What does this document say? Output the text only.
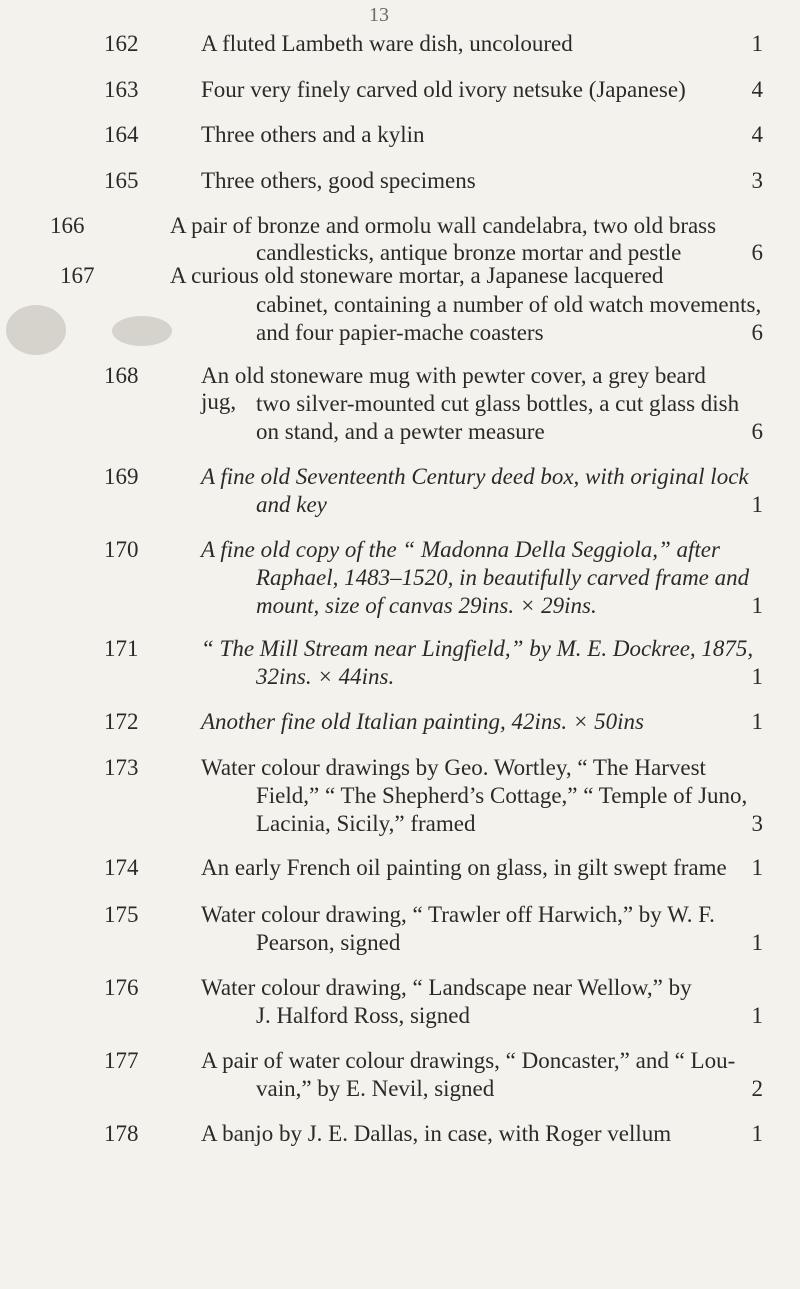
13
162	A fluted Lambeth ware dish, uncoloured	1
163	Four very finely carved old ivory netsuke (Japanese)	4
164	Three others and a kylin	4
165	Three others, good specimens	3
166	A pair of bronze and ormolu wall candelabra, two old brass
candlesticks, antique bronze mortar and pestle	6
167	A curious old stoneware mortar, a Japanese lacquered
cabinet, containing a number of old watch movements,
and four papier-mache coasters	6
168	An old stoneware mug with pewter cover, a grey beard jug, two silver-mounted cut glass bottles, a cut glass dish
on stand, and a pewter measure	6
169	A fine old Seventeenth Century deed box, with original lock
and key	1
170	A fine old copy of the “ Madonna Della Seggiola,” after
Raphael, 1483–1520, in beautifully carved frame and
mount, size of canvas 29ins. × 29ins.	1
171	“ The Mill Stream near Lingfield,” by M. E. Dockree, 1875,
32ins. × 44ins.	1
172	Another fine old Italian painting, 42ins. × 50ins	1
173	Water colour drawings by Geo. Wortley, “ The Harvest
Field,” “ The Shepherd’s Cottage,” “ Temple of Juno,
Lacinia, Sicily,” framed	3
174	An early French oil painting on glass, in gilt swept frame	1
175	Water colour drawing, “ Trawler off Harwich,” by W. F.
Pearson, signed	1
176	Water colour drawing, “ Landscape near Wellow,” by
J. Halford Ross, signed	1
177	A pair of water colour drawings, “ Doncaster,” and “ Lou-
vain,” by E. Nevil, signed	2
178	A banjo by J. E. Dallas, in case, with Roger vellum	1
